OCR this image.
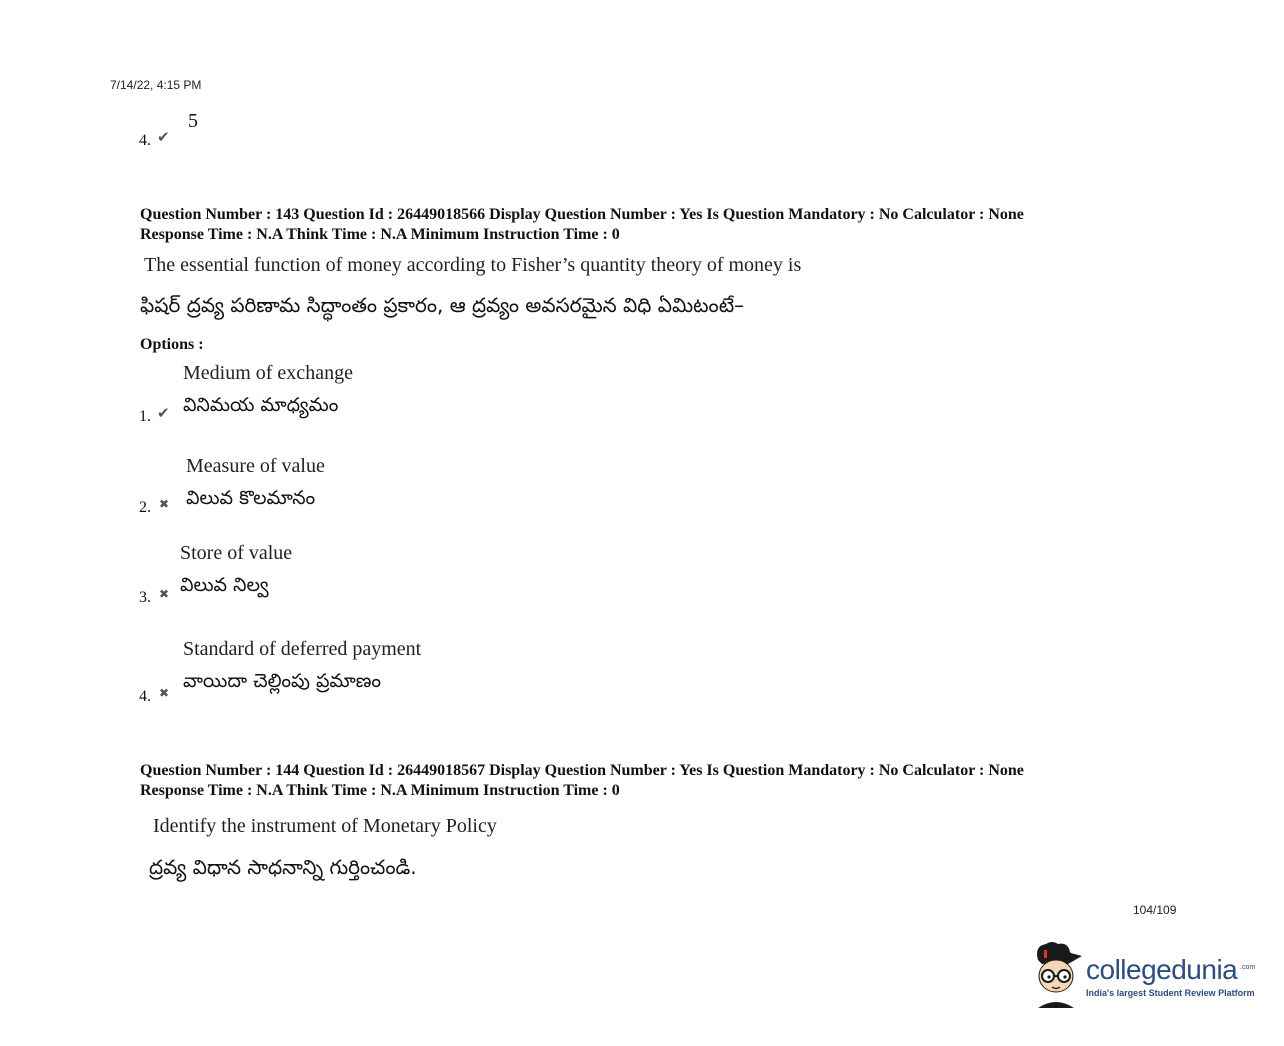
7/14/22, 4:15 PM
4. ✔
5
Question Number : 143 Question Id : 26449018566 Display Question Number : Yes Is Question Mandatory : No Calculator : None
Response Time : N.A Think Time : N.A Minimum Instruction Time : 0
The essential function of money according to Fisher’s quantity theory of money is
ఫిషర్ ద్రవ్య పరిణామ సిద్ధాంతం ప్రకారం, ఆ ద్రవ్యం అవసరమైన విధి ఏమిటంటే–
Options :
Medium of exchange
వినిమయ మాధ్యమం
1. ✔
Measure of value
విలువ కొలమానం
2. ✖
Store of value
విలువ నిల్వ
3. ✖
Standard of deferred payment
వాయిదా చెల్లింపు ప్రమాణం
4. ✖
Question Number : 144 Question Id : 26449018567 Display Question Number : Yes Is Question Mandatory : No Calculator : None
Response Time : N.A Think Time : N.A Minimum Instruction Time : 0
Identify the instrument of Monetary Policy
ద్రవ్య విధాన సాధనాన్ని గుర్తించండి.
104/109
collegedunia .com
India's largest Student Review Platform
